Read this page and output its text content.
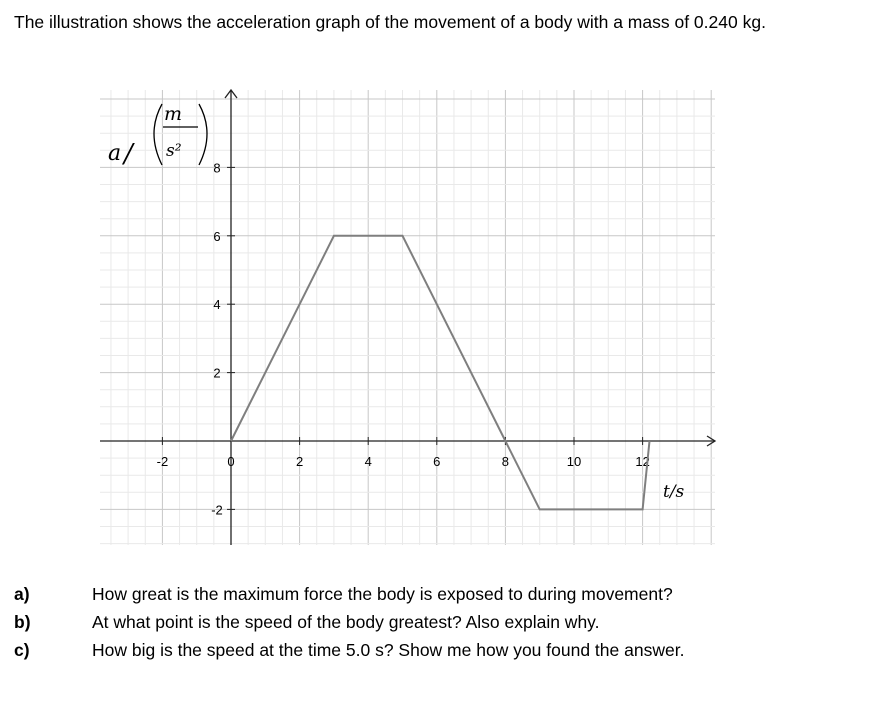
The illustration shows the acceleration graph of the movement of a body with a mass of 0.240 kg.

-2	0	2	4	6	8	10	12
8
6
4
2
-2
a /
m
s²
t/s
a)	How great is the maximum force the body is exposed to during movement?
b)	At what point is the speed of the body greatest? Also explain why.
c)	How big is the speed at the time 5.0 s? Show me how you found the answer.
